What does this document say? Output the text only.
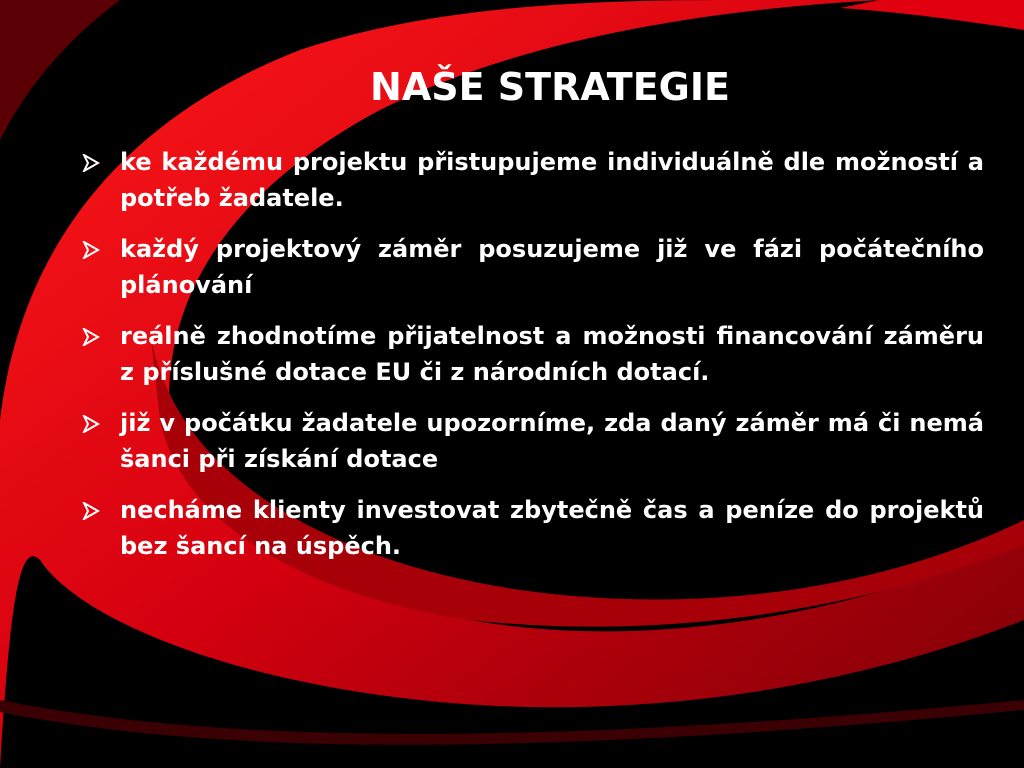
NAŠE STRATEGIE
ke každému projektu přistupujeme individuálně dle možností a potřeb žadatele.
každý projektový záměr posuzujeme již ve fázi počátečního plánování
reálně zhodnotíme přijatelnost a možnosti financování záměru z příslušné dotace EU či z národních dotací.
již v počátku žadatele upozorníme, zda daný záměr má či nemá šanci při získání dotace
necháme klienty investovat zbytečně čas a peníze do projektů bez šancí na úspěch.
